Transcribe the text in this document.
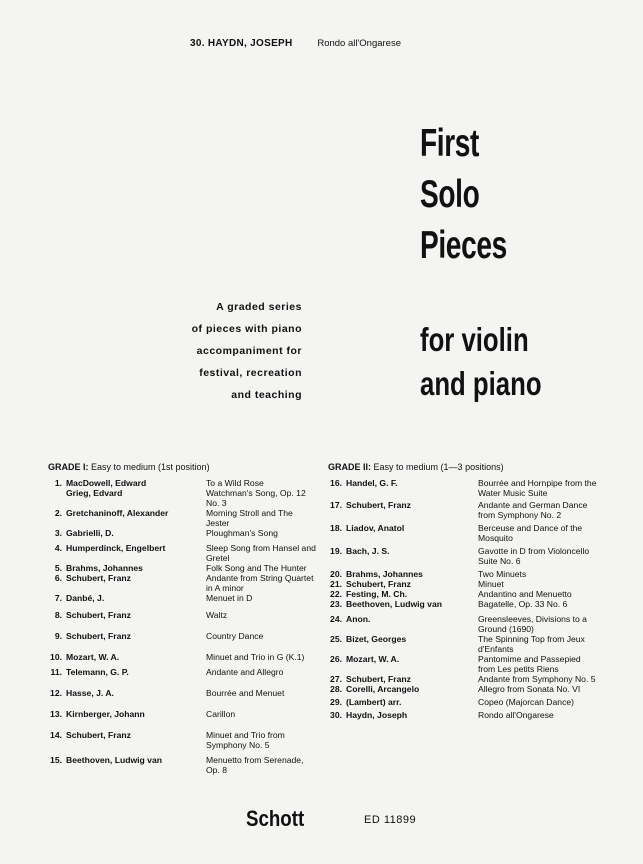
30. HAYDN, JOSEPH	Rondo all'Ongarese
First
Solo
Pieces
A graded series
of pieces with piano
accompaniment for
festival, recreation
and teaching
for violin
and piano
GRADE I: Easy to medium (1st position)
1. MacDowell, Edward	To a Wild Rose
Grieg, Edvard	Watchman's Song, Op. 12 No. 3
2. Gretchaninoff, Alexander	Morning Stroll and The Jester
3. Gabrielli, D.	Ploughman's Song
4. Humperdinck, Engelbert	Sleep Song from Hansel and Gretel
5. Brahms, Johannes	Folk Song and The Hunter
6. Schubert, Franz	Andante from String Quartet in A minor
7. Danbé, J.	Menuet in D
8. Schubert, Franz	Waltz
9. Schubert, Franz	Country Dance
10. Mozart, W. A.	Minuet and Trio in G (K.1)
11. Telemann, G. P.	Andante and Allegro
12. Hasse, J. A.	Bourrée and Menuet
13. Kirnberger, Johann	Carillon
14. Schubert, Franz	Minuet and Trio from Symphony No. 5
15. Beethoven, Ludwig van	Menuetto from Serenade, Op. 8
GRADE II: Easy to medium (1—3 positions)
16. Handel, G. F.	Bourrée and Hornpipe from the Water Music Suite
17. Schubert, Franz	Andante and German Dance from Symphony No. 2
18. Liadov, Anatol	Berceuse and Dance of the Mosquito
19. Bach, J. S.	Gavotte in D from Violoncello Suite No. 6
20. Brahms, Johannes	Two Minuets
21. Schubert, Franz	Minuet
22. Festing, M. Ch.	Andantino and Menuetto
23. Beethoven, Ludwig van	Bagatelle, Op. 33 No. 6
24. Anon.	Greensleeves, Divisions to a Ground (1690)
25. Bizet, Georges	The Spinning Top from Jeux d'Enfants
26. Mozart, W. A.	Pantomime and Passepied from Les petits Riens
27. Schubert, Franz	Andante from Symphony No. 5
28. Corelli, Arcangelo	Allegro from Sonata No. VI
29. (Lambert) arr.	Copeo (Majorcan Dance)
30. Haydn, Joseph	Rondo all'Ongarese
Schott	ED 11899
